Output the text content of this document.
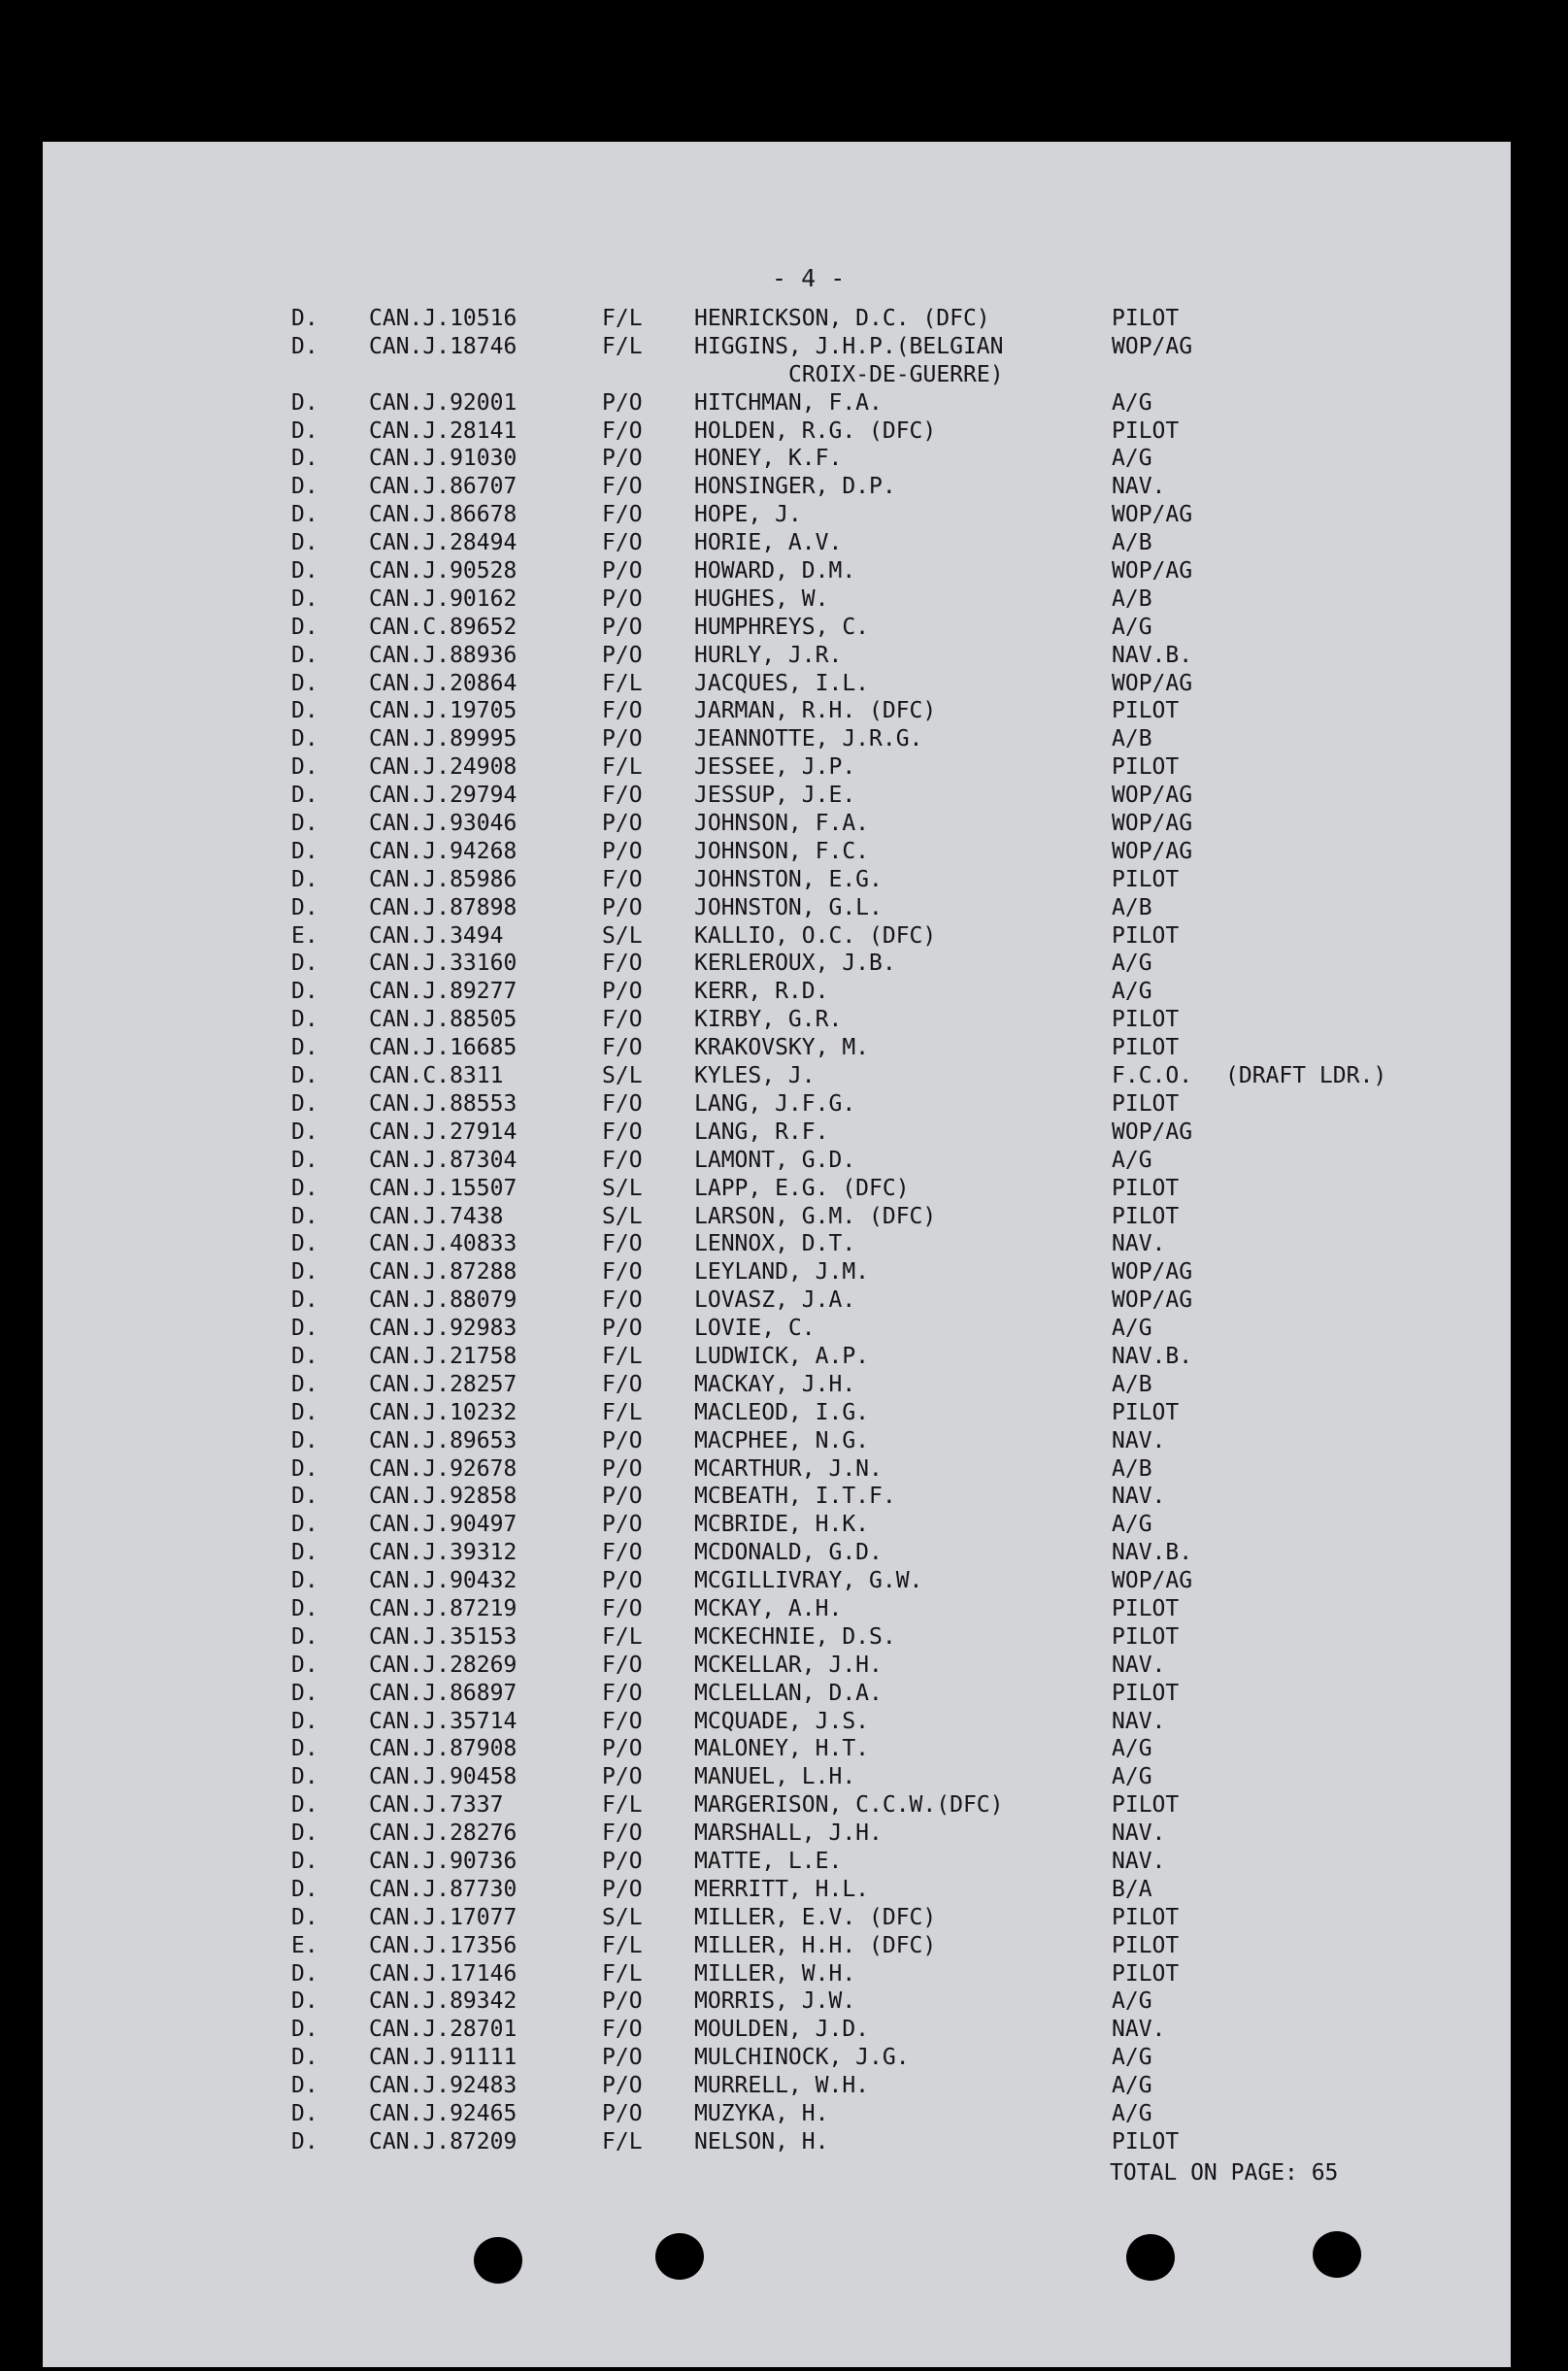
- 4 -
D. CAN.J.10516	F/L HENRICKSON, D.C. (DFC)	PILOT
D. CAN.J.18746	F/L HIGGINS, J.H.P.(BELGIAN	WOP/AG
CROIX-DE-GUERRE)
D. CAN.J.92001	P/O HITCHMAN, F.A.	A/G
D. CAN.J.28141	F/O HOLDEN, R.G. (DFC)	PILOT
D. CAN.J.91030	P/O HONEY, K.F.	A/G
D. CAN.J.86707	F/O HONSINGER, D.P.	NAV.
D. CAN.J.86678	F/O HOPE, J.	WOP/AG
D. CAN.J.28494	F/O HORIE, A.V.	A/B
D. CAN.J.90528	P/O HOWARD, D.M.	WOP/AG
D. CAN.J.90162	P/O HUGHES, W.	A/B
D. CAN.C.89652	P/O HUMPHREYS, C.	A/G
D. CAN.J.88936	P/O HURLY, J.R.	NAV.B.
D. CAN.J.20864	F/L JACQUES, I.L.	WOP/AG
D. CAN.J.19705	F/O JARMAN, R.H. (DFC)	PILOT
D. CAN.J.89995	P/O JEANNOTTE, J.R.G.	A/B
D. CAN.J.24908	F/L JESSEE, J.P.	PILOT
D. CAN.J.29794	F/O JESSUP, J.E.	WOP/AG
D. CAN.J.93046	P/O JOHNSON, F.A.	WOP/AG
D. CAN.J.94268	P/O JOHNSON, F.C.	WOP/AG
D. CAN.J.85986	F/O JOHNSTON, E.G.	PILOT
D. CAN.J.87898	P/O JOHNSTON, G.L.	A/B
E. CAN.J.3494	S/L KALLIO, O.C. (DFC)	PILOT
D. CAN.J.33160	F/O KERLEROUX, J.B.	A/G
D. CAN.J.89277	P/O KERR, R.D.	A/G
D. CAN.J.88505	F/O KIRBY, G.R.	PILOT
D. CAN.J.16685	F/O KRAKOVSKY, M.	PILOT
D. CAN.C.8311	S/L KYLES, J.	F.C.O. (DRAFT LDR.)
D. CAN.J.88553	F/O LANG, J.F.G.	PILOT
D. CAN.J.27914	F/O LANG, R.F.	WOP/AG
D. CAN.J.87304	F/O LAMONT, G.D.	A/G
D. CAN.J.15507	S/L LAPP, E.G. (DFC)	PILOT
D. CAN.J.7438	S/L LARSON, G.M. (DFC)	PILOT
D. CAN.J.40833	F/O LENNOX, D.T.	NAV.
D. CAN.J.87288	F/O LEYLAND, J.M.	WOP/AG
D. CAN.J.88079	F/O LOVASZ, J.A.	WOP/AG
D. CAN.J.92983	P/O LOVIE, C.	A/G
D. CAN.J.21758	F/L LUDWICK, A.P.	NAV.B.
D. CAN.J.28257	F/O MACKAY, J.H.	A/B
D. CAN.J.10232	F/L MACLEOD, I.G.	PILOT
D. CAN.J.89653	P/O MACPHEE, N.G.	NAV.
D. CAN.J.92678	P/O MCARTHUR, J.N.	A/B
D. CAN.J.92858	P/O MCBEATH, I.T.F.	NAV.
D. CAN.J.90497	P/O MCBRIDE, H.K.	A/G
D. CAN.J.39312	F/O MCDONALD, G.D.	NAV.B.
D. CAN.J.90432	P/O MCGILLIVRAY, G.W.	WOP/AG
D. CAN.J.87219	F/O MCKAY, A.H.	PILOT
D. CAN.J.35153	F/L MCKECHNIE, D.S.	PILOT
D. CAN.J.28269	F/O MCKELLAR, J.H.	NAV.
D. CAN.J.86897	F/O MCLELLAN, D.A.	PILOT
D. CAN.J.35714	F/O MCQUADE, J.S.	NAV.
D. CAN.J.87908	P/O MALONEY, H.T.	A/G
D. CAN.J.90458	P/O MANUEL, L.H.	A/G
D. CAN.J.7337	F/L MARGERISON, C.C.W.(DFC)	PILOT
D. CAN.J.28276	F/O MARSHALL, J.H.	NAV.
D. CAN.J.90736	P/O MATTE, L.E.	NAV.
D. CAN.J.87730	P/O MERRITT, H.L.	B/A
D. CAN.J.17077	S/L MILLER, E.V. (DFC)	PILOT
E. CAN.J.17356	F/L MILLER, H.H. (DFC)	PILOT
D. CAN.J.17146	F/L MILLER, W.H.	PILOT
D. CAN.J.89342	P/O MORRIS, J.W.	A/G
D. CAN.J.28701	F/O MOULDEN, J.D.	NAV.
D. CAN.J.91111	P/O MULCHINOCK, J.G.	A/G
D. CAN.J.92483	P/O MURRELL, W.H.	A/G
D. CAN.J.92465	P/O MUZYKA, H.	A/G
D. CAN.J.87209	F/L NELSON, H.	PILOT
TOTAL ON PAGE: 65
